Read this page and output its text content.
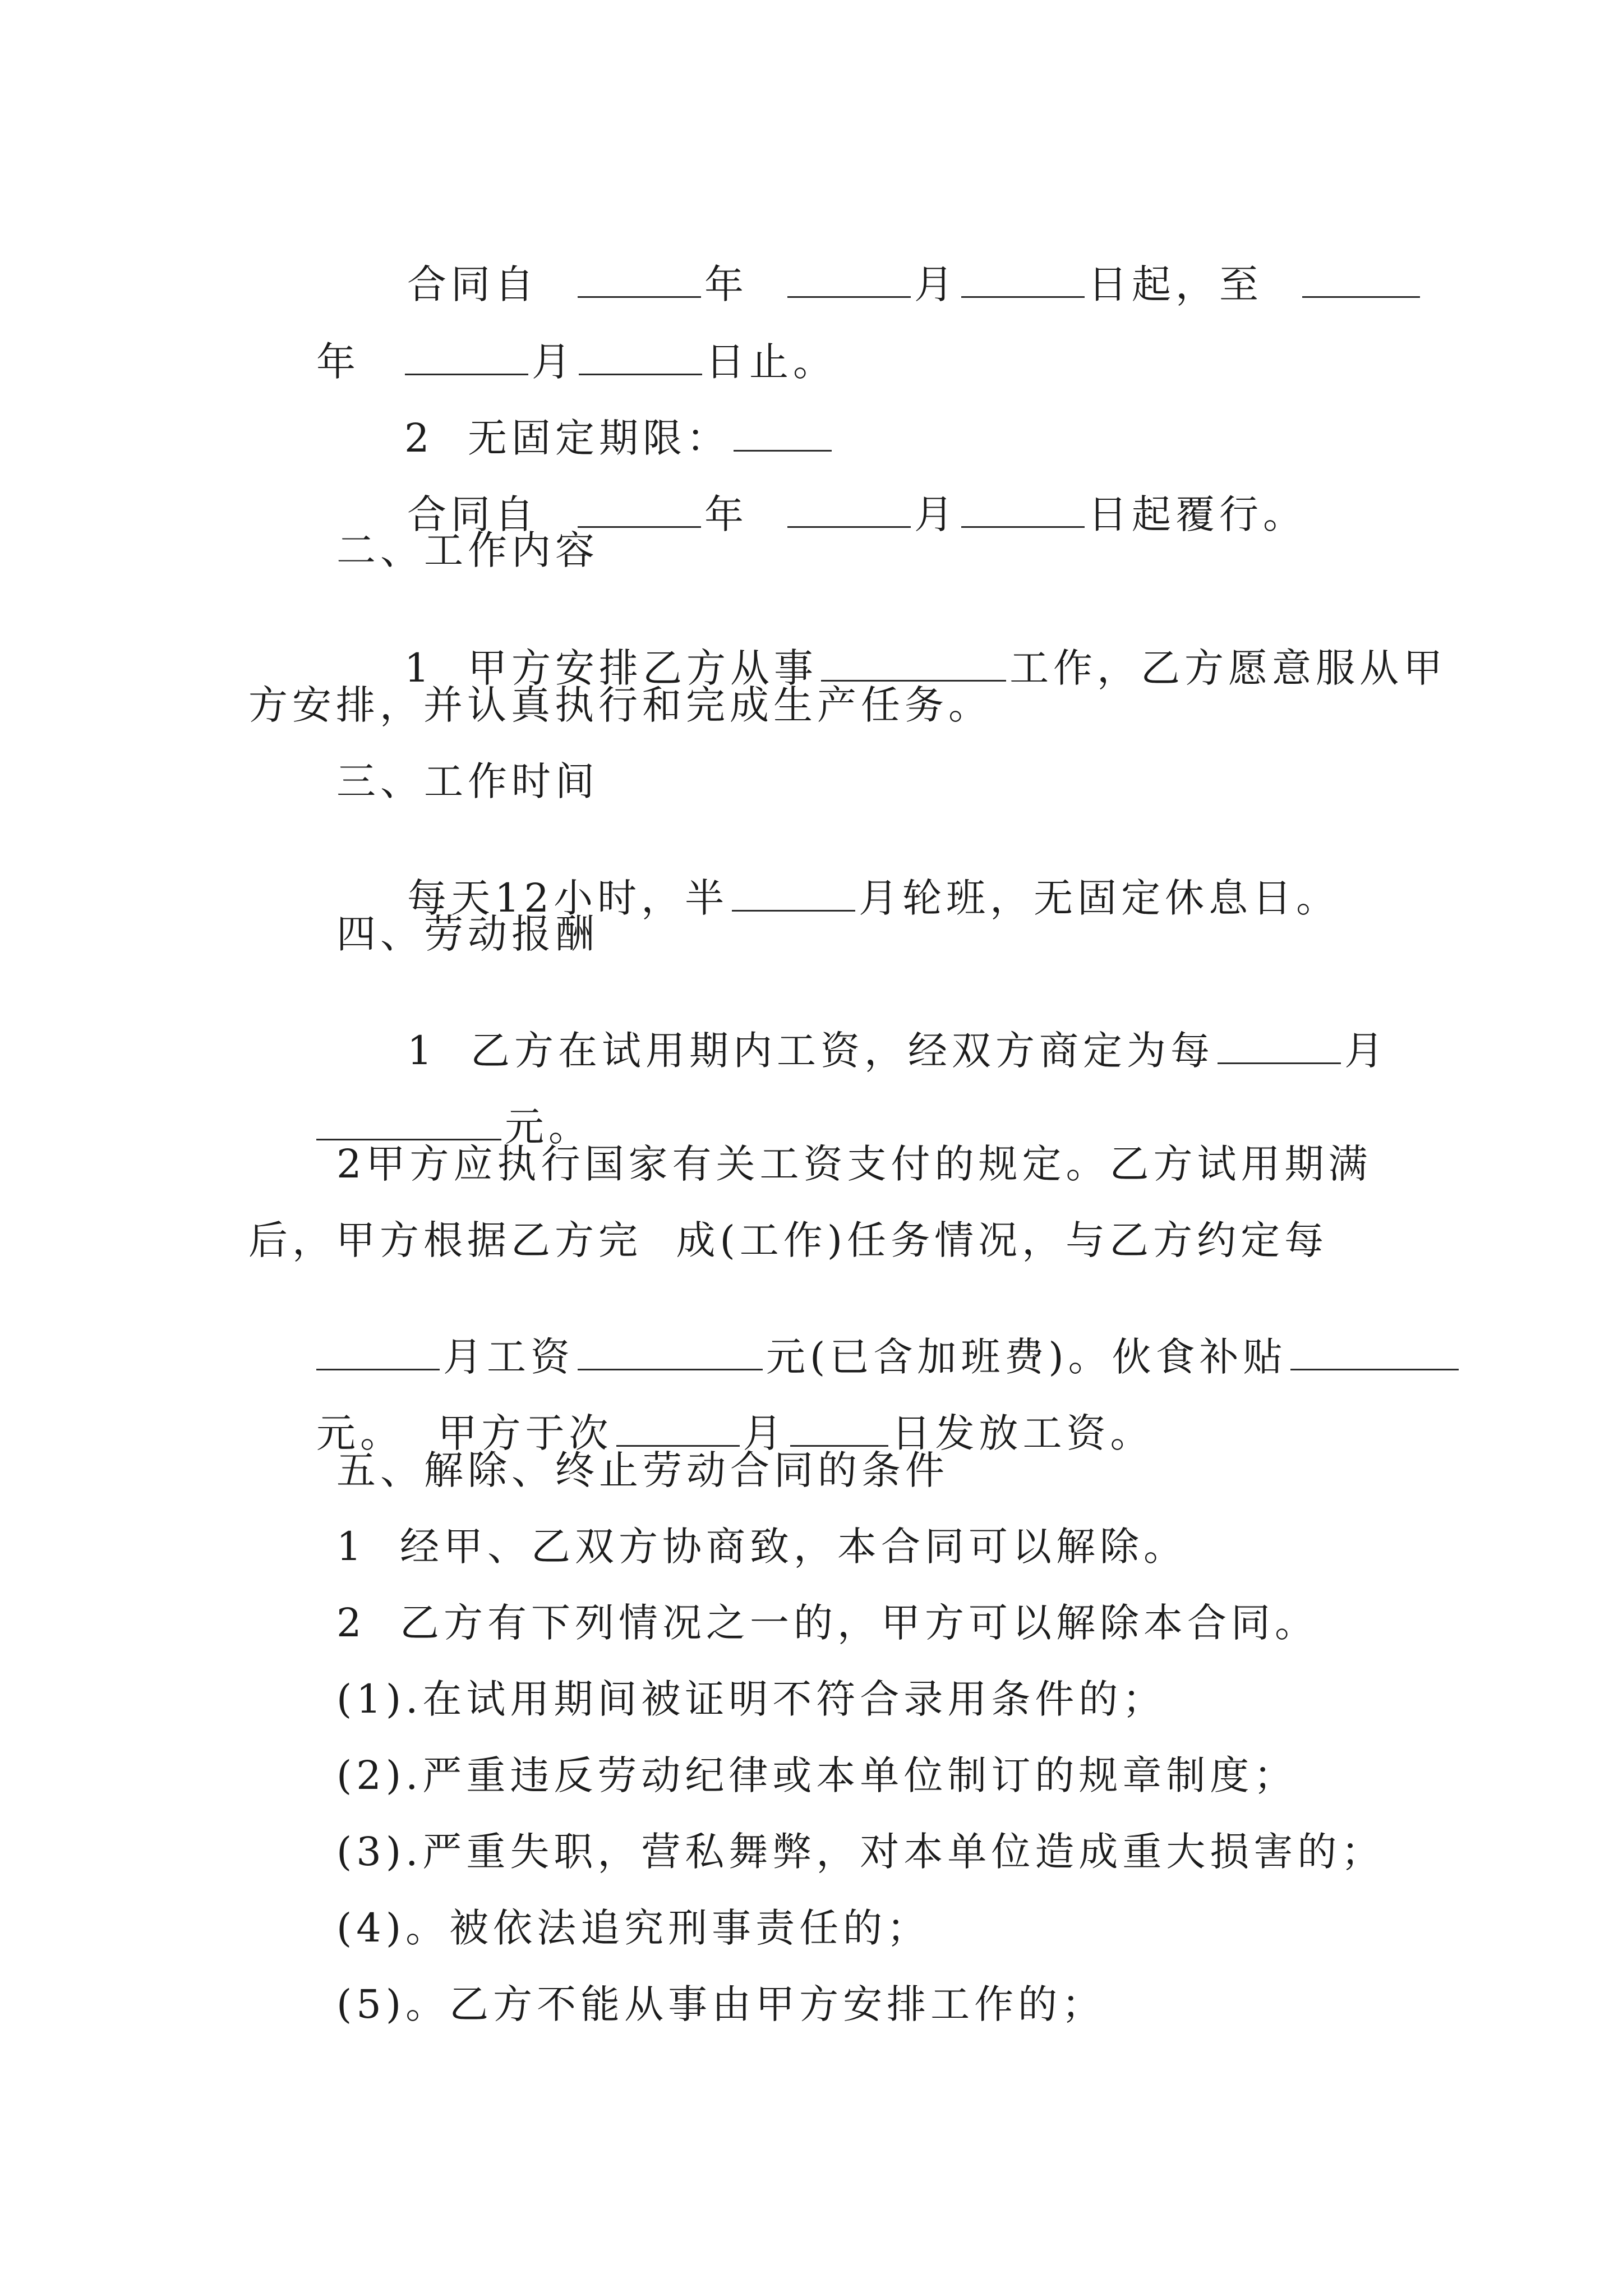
合同自	年	月	日起，至

年	月	日止。

2  无固定期限：

合同自	年	月	日起覆行。

二、工作内容

1  甲方安排乙方从事	工作，乙方愿意服从甲

方安排，并认真执行和完成生产任务。
三、工作时间

每天12小时，半	月轮班，无固定休息日。

四、劳动报酬

1  乙方在试用期内工资，经双方商定为每	月

元。

2甲方应执行国家有关工资支付的规定。乙方试用期满
后，甲方根据乙方完  成(工作)任务情况，与乙方约定每

月工资	元(已含加班费)。伙食补贴

元。  甲方于次	月	日发放工资。

五、解除、终止劳动合同的条件
1  经甲、乙双方协商致，本合同可以解除。
2  乙方有下列情况之一的，甲方可以解除本合同。
(1).在试用期间被证明不符合录用条件的；
(2).严重违反劳动纪律或本单位制订的规章制度；
(3).严重失职，营私舞弊，对本单位造成重大损害的；
(4)。被依法追究刑事责任的；
(5)。乙方不能从事由甲方安排工作的；
